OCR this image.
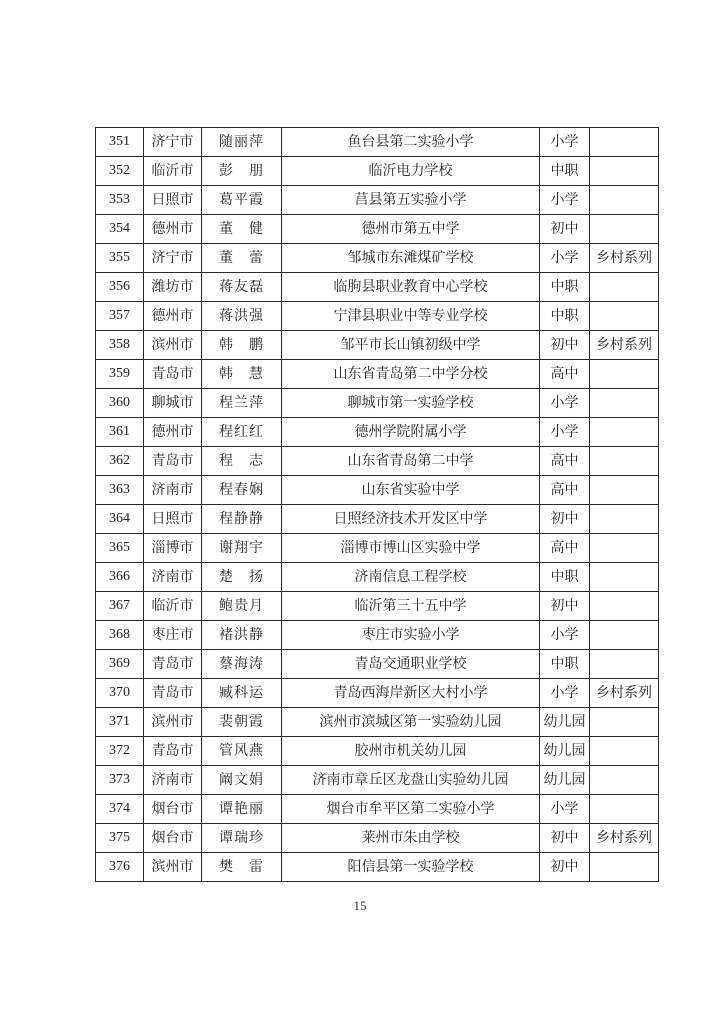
351	济宁市	随丽萍	鱼台县第二实验小学	小学	
352	临沂市	彭　朋	临沂电力学校	中职	
353	日照市	葛平霞	莒县第五实验小学	小学	
354	德州市	董　健	德州市第五中学	初中	
355	济宁市	董　蕾	邹城市东滩煤矿学校	小学	乡村系列
356	潍坊市	蒋友磊	临朐县职业教育中心学校	中职	
357	德州市	蒋洪强	宁津县职业中等专业学校	中职	
358	滨州市	韩　鹏	邹平市长山镇初级中学	初中	乡村系列
359	青岛市	韩　慧	山东省青岛第二中学分校	高中	
360	聊城市	程兰萍	聊城市第一实验学校	小学	
361	德州市	程红红	德州学院附属小学	小学	
362	青岛市	程　志	山东省青岛第二中学	高中	
363	济南市	程春娴	山东省实验中学	高中	
364	日照市	程静静	日照经济技术开发区中学	初中	
365	淄博市	谢翔宇	淄博市博山区实验中学	高中	
366	济南市	楚　扬	济南信息工程学校	中职	
367	临沂市	鲍贵月	临沂第三十五中学	初中	
368	枣庄市	褚洪静	枣庄市实验小学	小学	
369	青岛市	蔡海涛	青岛交通职业学校	中职	
370	青岛市	臧科运	青岛西海岸新区大村小学	小学	乡村系列
371	滨州市	裴朝霞	滨州市滨城区第一实验幼儿园	幼儿园	
372	青岛市	管风燕	胶州市机关幼儿园	幼儿园	
373	济南市	阚文娟	济南市章丘区龙盘山实验幼儿园	幼儿园	
374	烟台市	谭艳丽	烟台市牟平区第二实验小学	小学	
375	烟台市	谭瑞珍	莱州市朱由学校	初中	乡村系列
376	滨州市	樊　雷	阳信县第一实验学校	初中	
15
